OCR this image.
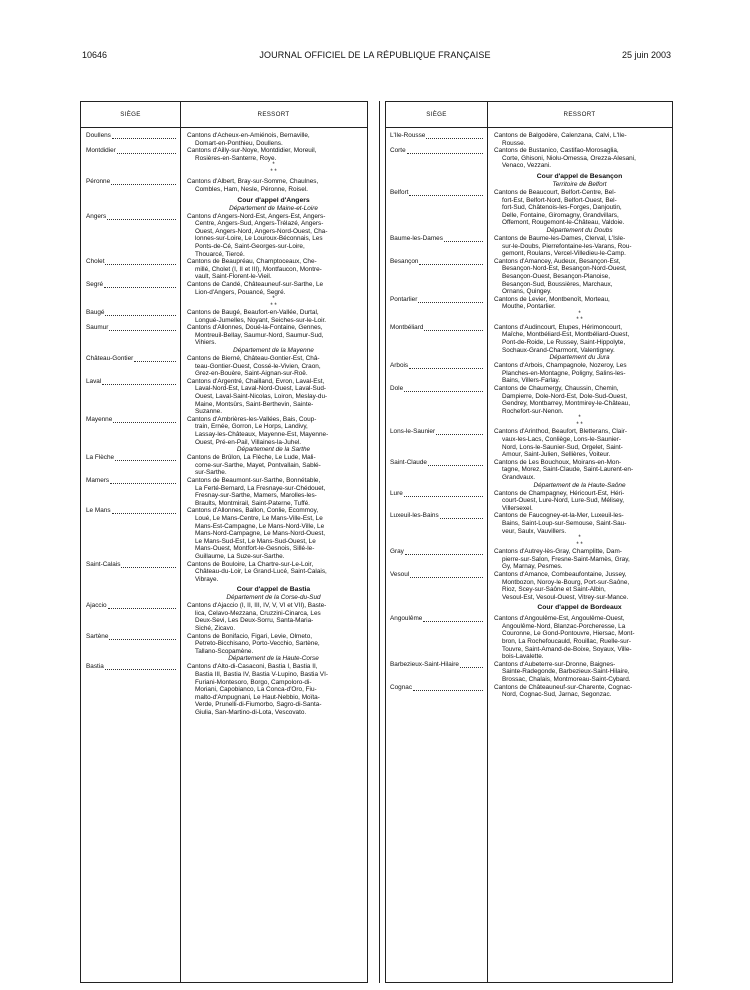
10646	JOURNAL OFFICIEL DE LA RÉPUBLIQUE FRANÇAISE	25 juin 2003
SIÈGE	RESSORT
Doullens	Cantons d'Acheux-en-Amiénois, Bernaville,
Domart-en-Ponthieu, Doullens.
Montdidier	Cantons d'Ailly-sur-Noye, Montdidier, Moreuil,
Rosières-en-Santerre, Roye.
*
* *
Péronne	Cantons d'Albert, Bray-sur-Somme, Chaulnes,
Combles, Ham, Nesle, Péronne, Roisel.
Cour d'appel d'Angers
Département de Maine-et-Loire
Angers	Cantons d'Angers-Nord-Est, Angers-Est, Angers-
Centre, Angers-Sud, Angers-Trélazé, Angers-
Ouest, Angers-Nord, Angers-Nord-Ouest, Cha-
lonnes-sur-Loire, Le Louroux-Béconnais, Les
Ponts-de-Cé, Saint-Georges-sur-Loire,
Thouarcé, Tiercé.
Cholet	Cantons de Beaupréau, Champtoceaux, Che-
millé, Cholet (I, II et III), Montfaucon, Montre-
vault, Saint-Florent-le-Vieil.
Segré	Cantons de Candé, Châteauneuf-sur-Sarthe, Le
Lion-d'Angers, Pouancé, Segré.
*
* *
Baugé	Cantons de Baugé, Beaufort-en-Vallée, Durtal,
Longué-Jumelles, Noyant, Seiches-sur-le-Loir.
Saumur	Cantons d'Allonnes, Doué-la-Fontaine, Gennes,
Montreuil-Bellay, Saumur-Nord, Saumur-Sud,
Vihiers.
Département de la Mayenne
Château-Gontier	Cantons de Bierné, Château-Gontier-Est, Châ-
teau-Gontier-Ouest, Cossé-le-Vivien, Craon,
Grez-en-Bouère, Saint-Aignan-sur-Roë.
Laval	Cantons d'Argentré, Chailland, Evron, Laval-Est,
Laval-Nord-Est, Laval-Nord-Ouest, Laval-Sud-
Ouest, Laval-Saint-Nicolas, Loiron, Meslay-du-
Maine, Montsûrs, Saint-Berthevin, Sainte-
Suzanne.
Mayenne	Cantons d'Ambrières-les-Vallées, Bais, Coup-
train, Ernée, Gorron, Le Horps, Landivy,
Lassay-les-Châteaux, Mayenne-Est, Mayenne-
Ouest, Pré-en-Pail, Villaines-la-Juhel.
Département de la Sarthe
La Flèche	Cantons de Brûlon, La Flèche, Le Lude, Mali-
corne-sur-Sarthe, Mayet, Pontvallain, Sablé-
sur-Sarthe.
Mamers	Cantons de Beaumont-sur-Sarthe, Bonnétable,
La Ferté-Bernard, La Fresnaye-sur-Chédouet,
Fresnay-sur-Sarthe, Mamers, Marolles-les-
Braults, Montmirail, Saint-Paterne, Tuffé.
Le Mans	Cantons d'Allonnes, Ballon, Conlie, Ecommoy,
Loué, Le Mans-Centre, Le Mans-Ville-Est, Le
Mans-Est-Campagne, Le Mans-Nord-Ville, Le
Mans-Nord-Campagne, Le Mans-Nord-Ouest,
Le Mans-Sud-Est, Le Mans-Sud-Ouest, Le
Mans-Ouest, Montfort-le-Gesnois, Sillé-le-
Guillaume, La Suze-sur-Sarthe.
Saint-Calais	Cantons de Bouloire, La Chartre-sur-Le-Loir,
Château-du-Loir, Le Grand-Lucé, Saint-Calais,
Vibraye.
Cour d'appel de Bastia
Département de la Corse-du-Sud
Ajaccio	Cantons d'Ajaccio (I, II, III, IV, V, VI et VII), Baste-
lica, Celavo-Mezzana, Cruzzini-Cinarca, Les
Deux-Sevi, Les Deux-Sorru, Santa-Maria-
Siché, Zicavo.
Sartène	Cantons de Bonifacio, Figari, Levie, Olmeto,
Petreto-Bicchisano, Porto-Vecchio, Sartène,
Tallano-Scopamène.
Département de la Haute-Corse
Bastia	Cantons d'Alto-di-Casaconi, Bastia I, Bastia II,
Bastia III, Bastia IV, Bastia V-Lupino, Bastia VI-
Furiani-Montesoro, Borgo, Campoloro-di-
Moriani, Capobianco, La Conca-d'Oro, Fiu-
malto-d'Ampugnani, Le Haut-Nebbio, Moïta-
Verde, Prunelli-di-Fiumorbo, Sagro-di-Santa-
Giulia, San-Martino-di-Lota, Vescovato.
SIÈGE	RESSORT
L'Ile-Rousse	Cantons de Balgodère, Calenzana, Calvi, L'Ile-
Rousse.
Corte	Cantons de Bustanico, Castifao-Morosaglia,
Corte, Ghisoni, Niolu-Omessa, Orezza-Alesani,
Venaco, Vezzani.
Cour d'appel de Besançon
Territoire de Belfort
Belfort	Cantons de Beaucourt, Belfort-Centre, Bel-
fort-Est, Belfort-Nord, Belfort-Ouest, Bel-
fort-Sud, Châtenois-les-Forges, Danjoutin,
Delle, Fontaine, Giromagny, Grandvillars,
Offemont, Rougemont-le-Château, Valdoie.
Département du Doubs
Baume-les-Dames	Cantons de Baume-les-Dames, Clerval, L'Isle-
sur-le-Doubs, Pierrefontaine-les-Varans, Rou-
gemont, Roulans, Vercel-Villedieu-le-Camp.
Besançon	Cantons d'Amancey, Audeux, Besançon-Est,
Besançon-Nord-Est, Besançon-Nord-Ouest,
Besançon-Ouest, Besançon-Planoise,
Besançon-Sud, Boussières, Marchaux,
Ornans, Quingey.
Pontarlier	Cantons de Levier, Montbenoît, Morteau,
Mouthe, Pontarlier.
*
* *
Montbéliard	Cantons d'Audincourt, Etupes, Hérimoncourt,
Maîche, Montbéliard-Est, Montbéliard-Ouest,
Pont-de-Roide, Le Russey, Saint-Hippolyte,
Sochaux-Grand-Charmont, Valentigney.
Département du Jura
Arbois	Cantons d'Arbois, Champagnole, Nozeroy, Les
Planches-en-Montagne, Poligny, Salins-les-
Bains, Villers-Farlay.
Dole	Cantons de Chaumergy, Chaussin, Chemin,
Dampierre, Dole-Nord-Est, Dole-Sud-Ouest,
Gendrey, Montbarrey, Montmirey-le-Château,
Rochefort-sur-Nenon.
*
* *
Lons-le-Saunier	Cantons d'Arinthod, Beaufort, Bletterans, Clair-
vaux-les-Lacs, Conliège, Lons-le-Saunier-
Nord, Lons-le-Saunier-Sud, Orgelet, Saint-
Amour, Saint-Julien, Sellières, Voiteur.
Saint-Claude	Cantons de Les Bouchoux, Moirans-en-Mon-
tagne, Morez, Saint-Claude, Saint-Laurent-en-
Grandvaux.
Département de la Haute-Saône
Lure	Cantons de Champagney, Héricourt-Est, Héri-
court-Ouest, Lure-Nord, Lure-Sud, Mélisey,
Villersexel.
Luxeuil-les-Bains	Cantons de Faucogney-et-la-Mer, Luxeuil-les-
Bains, Saint-Loup-sur-Semouse, Saint-Sau-
veur, Saulx, Vauvillers.
*
* *
Gray	Cantons d'Autrey-lès-Gray, Champlitte, Dam-
pierre-sur-Salon, Fresne-Saint-Mamès, Gray,
Gy, Marnay, Pesmes.
Vesoul	Cantons d'Amance, Combeaufontaine, Jussey,
Montbozon, Noroy-le-Bourg, Port-sur-Saône,
Rioz, Scey-sur-Saône et Saint-Albin,
Vesoul-Est, Vesoul-Ouest, Vitrey-sur-Mance.
Cour d'appel de Bordeaux
Angoulême	Cantons d'Angoulême-Est, Angoulême-Ouest,
Angoulême-Nord, Blanzac-Porcheresse, La
Couronne, Le Gond-Pontouvre, Hiersac, Mont-
bron, La Rochefoucauld, Rouillac, Ruelle-sur-
Touvre, Saint-Amand-de-Boixe, Soyaux, Ville-
bois-Lavalette.
Barbezieux-Saint-Hilaire	Cantons d'Aubeterre-sur-Dronne, Baignes-
Sainte-Radegonde, Barbezieux-Saint-Hilaire,
Brossac, Chalais, Montmoreau-Saint-Cybard.
Cognac	Cantons de Châteauneuf-sur-Charente, Cognac-
Nord, Cognac-Sud, Jarnac, Segonzac.
